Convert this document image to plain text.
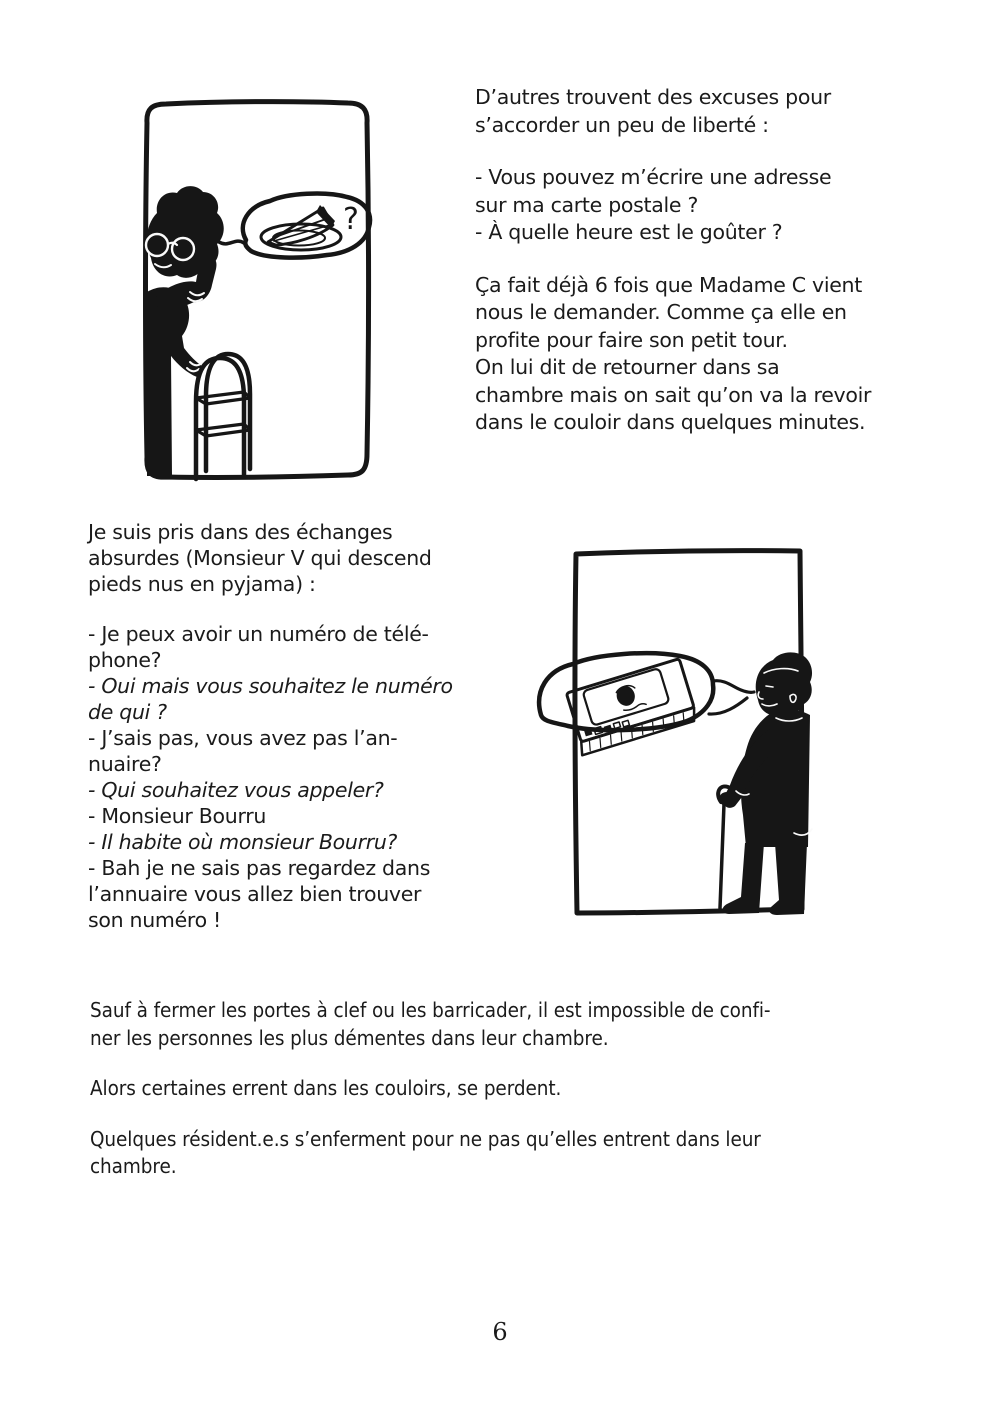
?
D’autres trouvent des excuses pour
s’accorder un peu de liberté :
- Vous pouvez m’écrire une adresse
sur ma carte postale ?
- À quelle heure est le goûter ?
Ça fait déjà 6 fois que Madame C vient
nous le demander. Comme ça elle en
profite pour faire son petit tour.
On lui dit de retourner dans sa
chambre mais on sait qu’on va la revoir
dans le couloir dans quelques minutes.
Je suis pris dans des échanges
absurdes (Monsieur V qui descend
pieds nus en pyjama) :
- Je peux avoir un numéro de télé-
phone?
- Oui mais vous souhaitez le numéro
de qui ?
- J’sais pas, vous avez pas l’an-
nuaire?
- Qui souhaitez vous appeler?
- Monsieur Bourru
- Il habite où monsieur Bourru?
- Bah je ne sais pas regardez dans
l’annuaire vous allez bien trouver
son numéro !
Sauf à fermer les portes à clef ou les barricader, il est impossible de confi-
ner les personnes les plus démentes dans leur chambre.
Alors certaines errent dans les couloirs, se perdent.
Quelques résident.e.s s’enferment pour ne pas qu’elles entrent dans leur
chambre.
6
